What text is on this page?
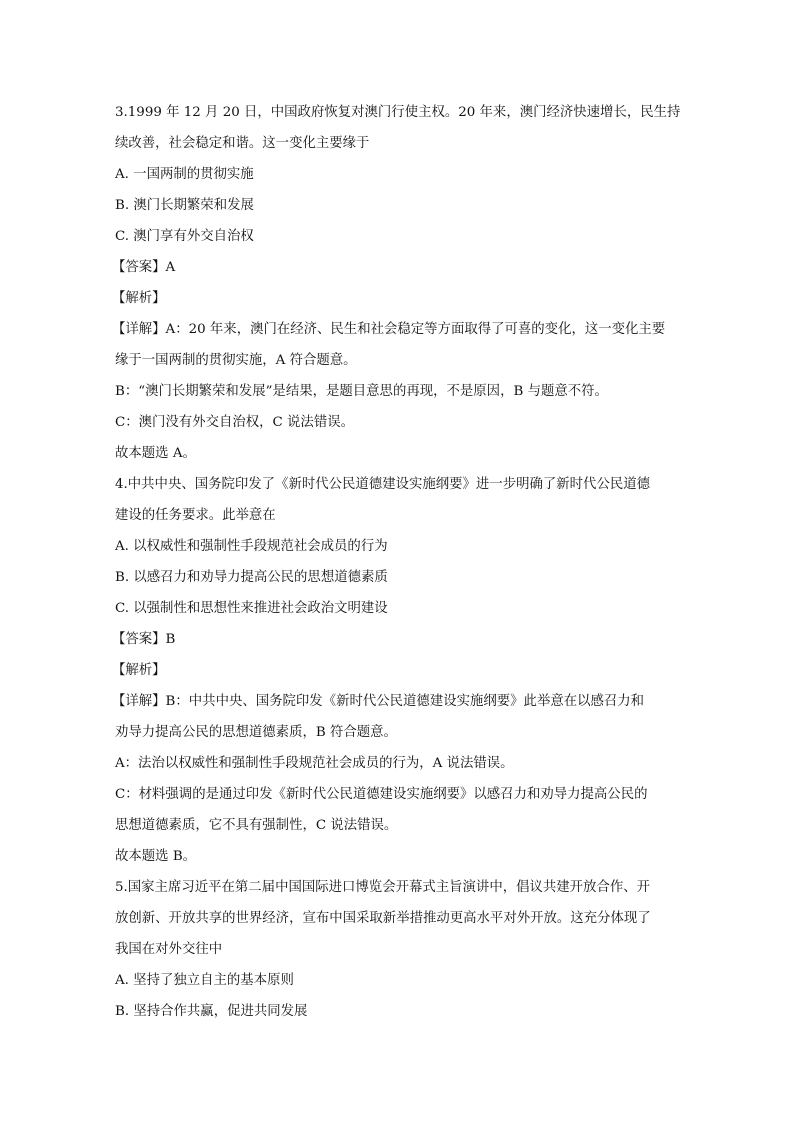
3.1999 年 12 月 20 日，中国政府恢复对澳门行使主权。20 年来，澳门经济快速增长，民生持
续改善，社会稳定和谐。这一变化主要缘于
A. 一国两制的贯彻实施
B. 澳门长期繁荣和发展
C. 澳门享有外交自治权
【答案】A
【解析】
【详解】A：20 年来，澳门在经济、民生和社会稳定等方面取得了可喜的变化，这一变化主要
缘于一国两制的贯彻实施，A 符合题意。
B：“澳门长期繁荣和发展”是结果，是题目意思的再现，不是原因，B 与题意不符。
C：澳门没有外交自治权，C 说法错误。
故本题选 A。
4.中共中央、国务院印发了《新时代公民道德建设实施纲要》进一步明确了新时代公民道德
建设的任务要求。此举意在
A. 以权威性和强制性手段规范社会成员的行为
B. 以感召力和劝导力提高公民的思想道德素质
C. 以强制性和思想性来推进社会政治文明建设
【答案】B
【解析】
【详解】B：中共中央、国务院印发《新时代公民道德建设实施纲要》此举意在以感召力和
劝导力提高公民的思想道德素质，B 符合题意。
A：法治以权威性和强制性手段规范社会成员的行为，A 说法错误。
C：材料强调的是通过印发《新时代公民道德建设实施纲要》以感召力和劝导力提高公民的
思想道德素质，它不具有强制性，C 说法错误。
故本题选 B。
5.国家主席习近平在第二届中国国际进口博览会开幕式主旨演讲中，倡议共建开放合作、开
放创新、开放共享的世界经济，宣布中国采取新举措推动更高水平对外开放。这充分体现了
我国在对外交往中
A. 坚持了独立自主的基本原则
B. 坚持合作共赢，促进共同发展
